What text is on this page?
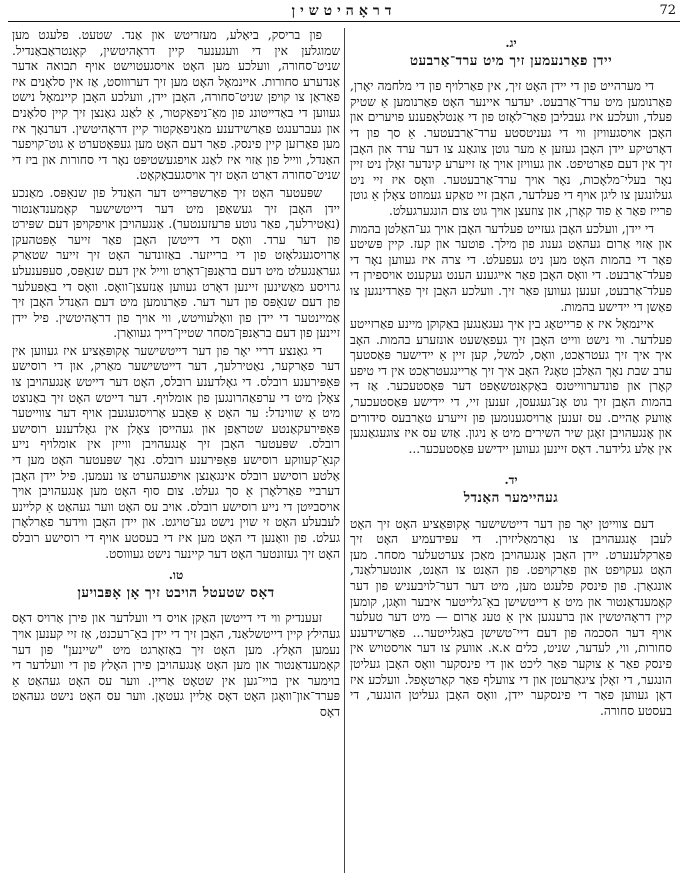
דראָהיטשין	72
יג.
יידן פאַרנעמען זיך מיט ערד־אַרבעט

די מערהייט פון די יידן האָט זיך, אין פאַרלויף פון די מלחמה יאָרן, פאַרנומען מיט ערד־אַרבעט. יעדער איינער האָט פאַרנומען אַ שטיק פעלד, וועלכע איז געבליבן פאַר־לאָזט פון די אַנטלאָפענע פויערים און האָבן אויסגעוויזן ווי די געניטסטע ערד־אַרבעטער. אַ סך פון די דאָרטיקע יידן האָבן געזען אַ מער גוטן צוגאַנג צו דער ערד און האָבן זיך אין דעם פאַרטיפט. און געוויזן אויך אַז זייערע קינדער זאָלן ניט זיין נאָר בעלי־מלאָכות, נאָר אויך ערד־אַרבעטער. וואָס איז זיי ניט געלונגען צו ליגן אויף די פעלדער, האָבן זיי טאַקע געמוזט צאָלן אַ גוטן פרייז פאַר אַ פוד קאָרן, און צוזעצן אויך גוט צום הונגערגעלט.

די יידן, וועלכע האָבן געזייט פעלדער האָבן אויך גע־האַלטן בהמות און אַזוי אַרום געהאַט גענוג פון מילך. פוטער און קעז. קיין פּשיטע פאַר די בהמות האָט מען ניט געפעלט. די צרה איז געווען נאָר די פעלד־אַרבעט. די וואָס האָבן פאַר אייגענע הענט געקענט אויספירן די פעלד־אַרבעט, זענען געווען פאַר זיך. וועלכע האָבן זיך פאַרדינגען צו פאַשן די יידישע בהמות.

איינמאָל איז אַ פרייטאָג בין איך געגאַנגען באַקוקן מיינע פאַרזייטע פעלדער. ווי נישט ווייט האָבן זיך געפאַשעט אונזערע בהמות. האָב איך איך זיך געטראַכט, וואָס, למשל, קען זיין אַ יידישער פּאַסטעך ערב שבת נאָך האַלבן טאָג? האָב איך זיך אַריינגעטראַכט אין די טיפע קאָרן און פונדערווייטנס באַקאַנטשאַפט דער פּאַסטעכער. אַז די בהמות האָבן זיך גוט אָנ־געגעסן, זענען זיי, די יידישע פּאַסטעכער, אַוועק אַהיים. עס זענען אַרויסגענומען פון זייערע טאַרבעס סידורים און אָנגעהויבן זאָגן שיר השירים מיט אַ ניגון. אַזש עס איז צוגעגאַנגען אין אַלע גלידער. דאָס זיינען געווען יידישע פּאַסטעכער...

יד.
געהיימער האַנדל

דעם צווייטן יאָר פון דער דייטשישער אָקופּאַציע האָט זיך האָט לעבן אָנגעהויבן צו נאָרמאַליזירן. די עפּידעמיע האָט זיך פאַרקלענערט. יידן האָבן אָנגעהויבן מאַכן צערטעלער מסחר. מען האָט געקויפט און פאַרקויפט. פון האַנט צו האַנט, אונטערלאַנד, אונגאַרן. פון פינסק פלעגט מען, מיט דער דער־לויבעניש פון דער קאָמענדאַנטור און מיט אַ דייטשישן באַ־גלייטער איבער וואָגן, קומען קיין דראָהיטשין און ברענגען אין אַ טעג אַרום — מיט דער טעלער אויף דער הסכמה פון דעם דיי־טשישן באַגלייטער... פאַרשידענע סחורות, ווי, לעדער, שניט, כלים א.א. אוועק צו דער אויסטויש אין פינסק פאַר אַ צוקער פאַר ליכט און די פינסקער וואָס האָבן געליטן הונגער, די זאָלן ציגאַרעטן און די צוועלף פאַר קאַרטאָפל. וועלכע איז דאָן געווען פאַר די פינסקער יידן, וואָס האָבן געליטן הונגער, די בעסטע סחורה.

פון בריסק, ביאַלע, מעזריטש און אַנד. שטעט. פלעגט מען שמוגלען אין די וועגענער קיין דראָהיטשין, קאָנטראַבאַנדיל. שניט־סחורה, וועלכע מען האָט אויסגעטוישט אויף תבואה אדער אַנדערע סחורות. איינמאָל האָט מען זיך דערוווסט, אַז אין סלאָנים איז פאַראַן צו קויפן שניט־סחורה, האָבן יידן, וועלכע האָבן קיינמאָל נישט געווען די באַדייטונג פון מאַ־ניפאַקטור, אַ לאַנג גאַנצן זיך קיין סלאָנים און געברענגט פאַרשידענע מאַניפאַקטור קיין דראָהיטשין. דערנאָך איז מען פאַרזען קיין פינסק. פאַר דעם האָט מען געפּאָטערט אַ גוט־קויפער האַנדל, ווייל פון אַזוי איז לאַנג אויפגעשטיפּט נאָר די סחורות און ביז די שניט־סחורה דאַרט האָט זיך אויסגעבאָקאָט.

שפּעטער האָט זיך פאַרשפּרייט דער האַנדל פון שנאַפּס. מאַנכע יידן האָבן זיך געשאַפן מיט דער דייטשישער קאָמענדאַנטור (נאַטירלעך, פאַר גוטע פּרעזענטער). אַנגעהויבן אויפקויפן דעם שפּירט פון דער ערד. וואָס די דייטשן האָבן פאַר זייער אַפּטהעקן אַרויסגעגלאָזט פון די ברייזער. באַזונדער האָט זיך זייער שטאַרק געראַנגעלט מיט דעם בראַנפּן־דאָרט ווייל אין דעם שנאַפּס, סעפּענעלע גרויסע מאַשינען זיינען דאָרט געווען אַנזעצן־וואָס. וואָס די באַפעלער פון דעם שנאַפּס פון דער דער. פאַרנומען מיט דעם האַנדל האָבן זיך אַמיינטער די יידן פון וואָלעוויטש, ווי אויך פון דראָהיטשין. פיל יידן זיינען פון דעם בראַנפּן־מסחר שטיין־רייך געוואָרן.

די גאַנצע דריי יאָר פון דער דייטשישער אָקופּאַציע איז געווען אין דער פאַרקער, נאַטירלעך, דער דייטשישער מאַרק, און די רוסישע פּאַפּירענע רובלס. די גאָלדענע רובלס, האָט דער דייטש אָנגעהויבן צו צאָלן מיט די ערפאַהרונגען פון אומלויף. דער דייטש האָט זיך באַנוצט מיט אַ שווינדל: ער האָט אַ פּאָבע אַרויסגעגעבן אויף דער צווייטער פּאַפּירעקאַנטע שטראַפן און געהייסן צאָלן אין גאָלדענע רוסישע רובלס. שפּעטער האָבן זיך אָנגעהויבן ווייזן אין אומלויף נייע קנאַ־קעווקע רוסישע פּאַפּירענע רובלס. נאָך שפּעטער האָט מען די אַלטע רוסישע רובלס אינגאַנצן אויפגעהערט צו נעמען. פיל יידן האָבן דערביי פאַרלאָרן אַ סך געלט. צום סוף האָט מען אָנגעהויבן אויך אויסבײַטן די נייע רוסישע רובלס. אויב עס האָט ווער געהאַט אַ קליינע לעבעלע האָט זי שוין נישט גע־טויגט. און יידן האָבן ווידער פאַרלאָרן געלט. פון וואַנען די האָט מען איז די בעסטע אויף די רוסישע רובלס האָט זיך געזונטער האָט דער קיינער נישט געוווסט.

טו.
דאָס שטעטל הויבט זיך אָן אָפּבויען

זעענדיק ווי די דייטשן האַקן אויס די וועלדער און פירן אַרויס דאָס געהילץ קיין דייטשלאַנד, האָבן זיך די יידן באַ־רעכנט, אַז זיי קענען אויך נעמען האָלץ. מען האָט זיך באַזאָרגט מיט "שיינען" פון דער קאָמענדאַנטור און מען האָט אָנגעהויבן פירן האָלץ פון די וועלדער די בוימער אין בויי־גען אין שטאָט אַריין. ווער עס האָט געהאַט אַ פּערד־און־וואָגן האָט דאָס אַליין געטאָן. ווער עס האָט נישט געהאַט דאָס
